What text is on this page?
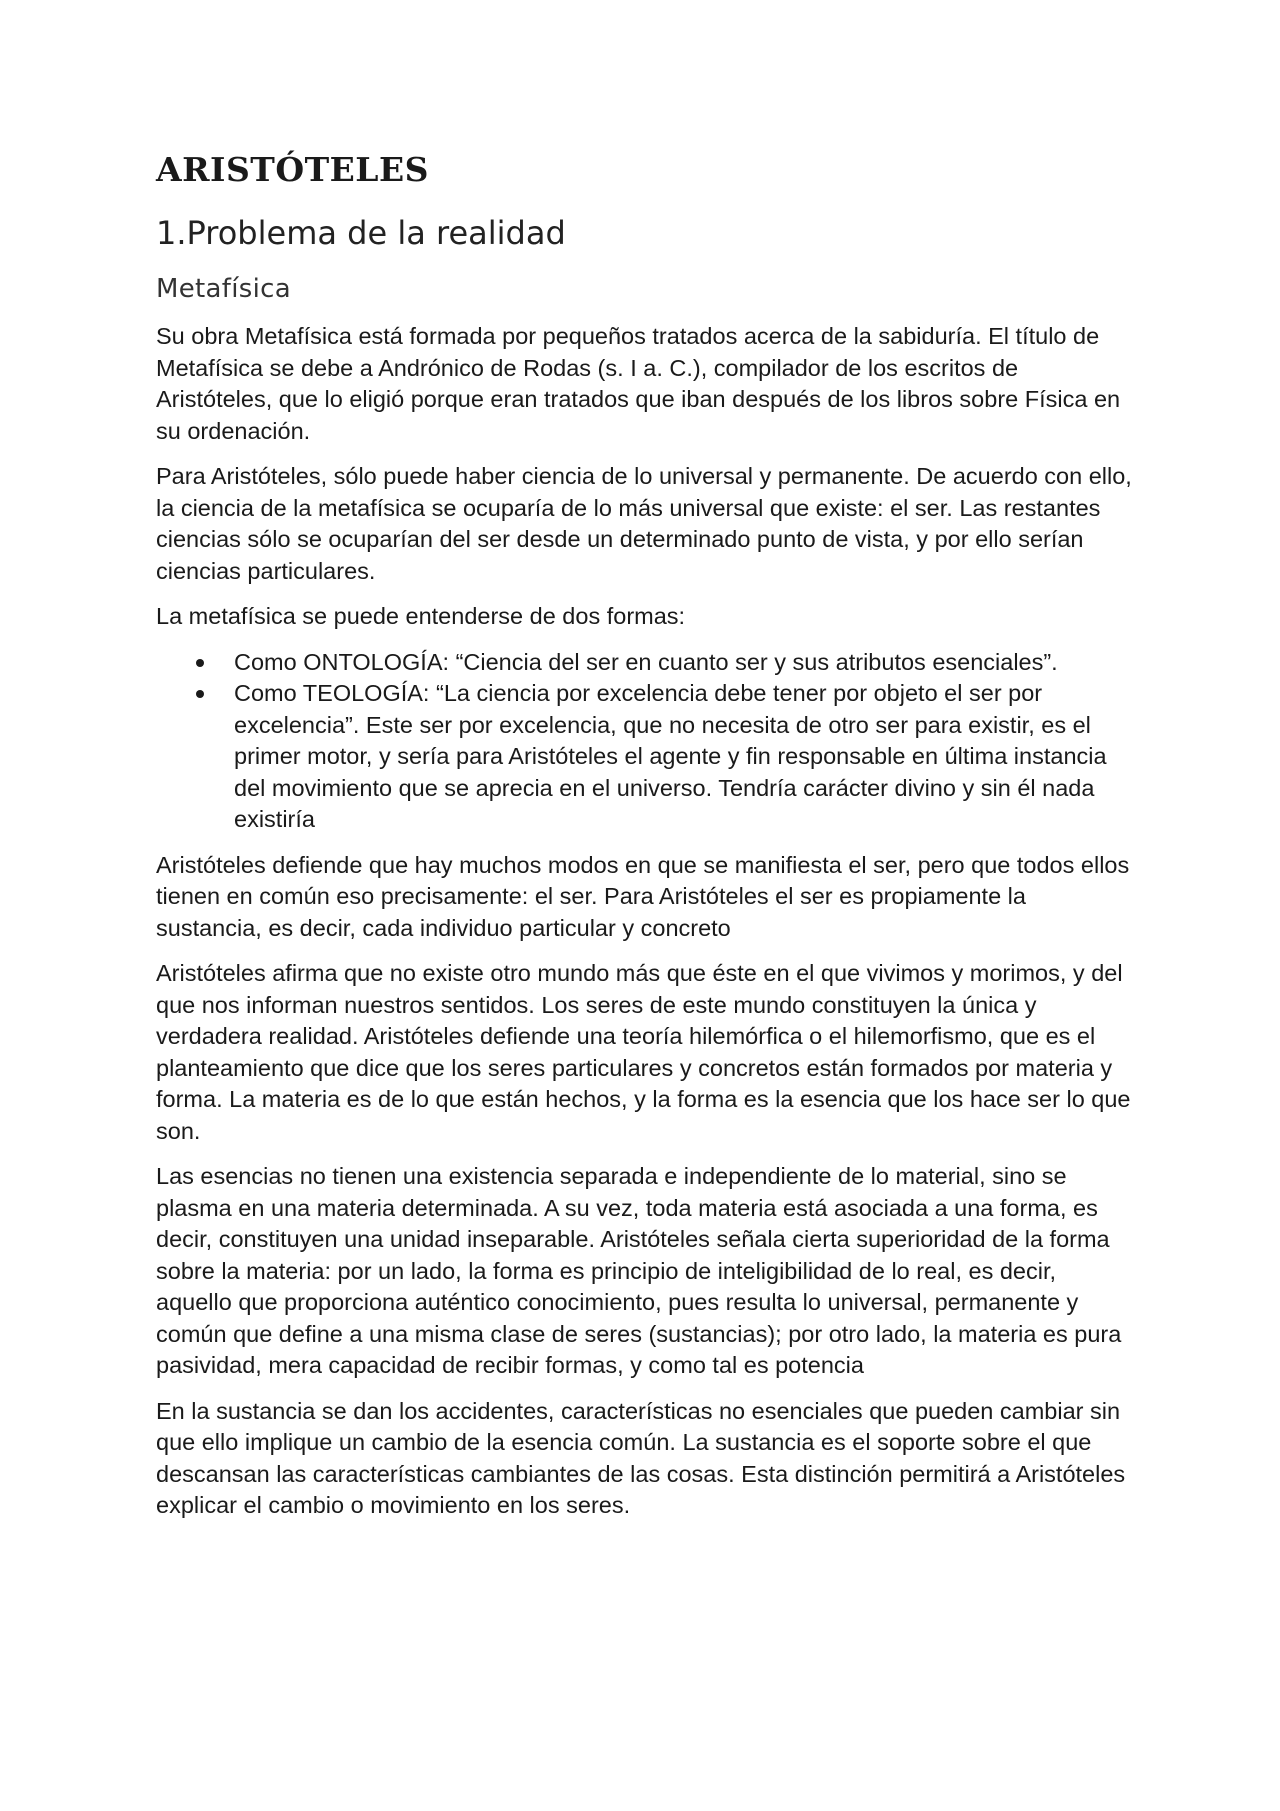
ARISTÓTELES
1.Problema de la realidad
Metafísica

Su obra Metafísica está formada por pequeños tratados acerca de la sabiduría. El título de Metafísica se debe a Andrónico de Rodas (s. I a. C.), compilador de los escritos de Aristóteles, que lo eligió porque eran tratados que iban después de los libros sobre Física en su ordenación.

Para Aristóteles, sólo puede haber ciencia de lo universal y permanente. De acuerdo con ello, la ciencia de la metafísica se ocuparía de lo más universal que existe: el ser. Las restantes ciencias sólo se ocuparían del ser desde un determinado punto de vista, y por ello serían ciencias particulares.

La metafísica se puede entenderse de dos formas:

Como ONTOLOGÍA: “Ciencia del ser en cuanto ser y sus atributos esenciales”.
Como TEOLOGÍA: “La ciencia por excelencia debe tener por objeto el ser por excelencia”. Este ser por excelencia, que no necesita de otro ser para existir, es el primer motor, y sería para Aristóteles el agente y fin responsable en última instancia del movimiento que se aprecia en el universo. Tendría carácter divino y sin él nada existiría

Aristóteles defiende que hay muchos modos en que se manifiesta el ser, pero que todos ellos tienen en común eso precisamente: el ser. Para Aristóteles el ser es propiamente la sustancia, es decir, cada individuo particular y concreto

Aristóteles afirma que no existe otro mundo más que éste en el que vivimos y morimos, y del que nos informan nuestros sentidos. Los seres de este mundo constituyen la única y verdadera realidad. Aristóteles defiende una teoría hilemórfica o el hilemorfismo, que es el planteamiento que dice que los seres particulares y concretos están formados por materia y forma. La materia es de lo que están hechos, y la forma es la esencia que los hace ser lo que son.

Las esencias no tienen una existencia separada e independiente de lo material, sino se plasma en una materia determinada. A su vez, toda materia está asociada a una forma, es decir, constituyen una unidad inseparable. Aristóteles señala cierta superioridad de la forma sobre la materia: por un lado, la forma es principio de inteligibilidad de lo real, es decir, aquello que proporciona auténtico conocimiento, pues resulta lo universal, permanente y común que define a una misma clase de seres (sustancias); por otro lado, la materia es pura pasividad, mera capacidad de recibir formas, y como tal es potencia

En la sustancia se dan los accidentes, características no esenciales que pueden cambiar sin que ello implique un cambio de la esencia común. La sustancia es el soporte sobre el que descansan las características cambiantes de las cosas. Esta distinción permitirá a Aristóteles explicar el cambio o movimiento en los seres.
